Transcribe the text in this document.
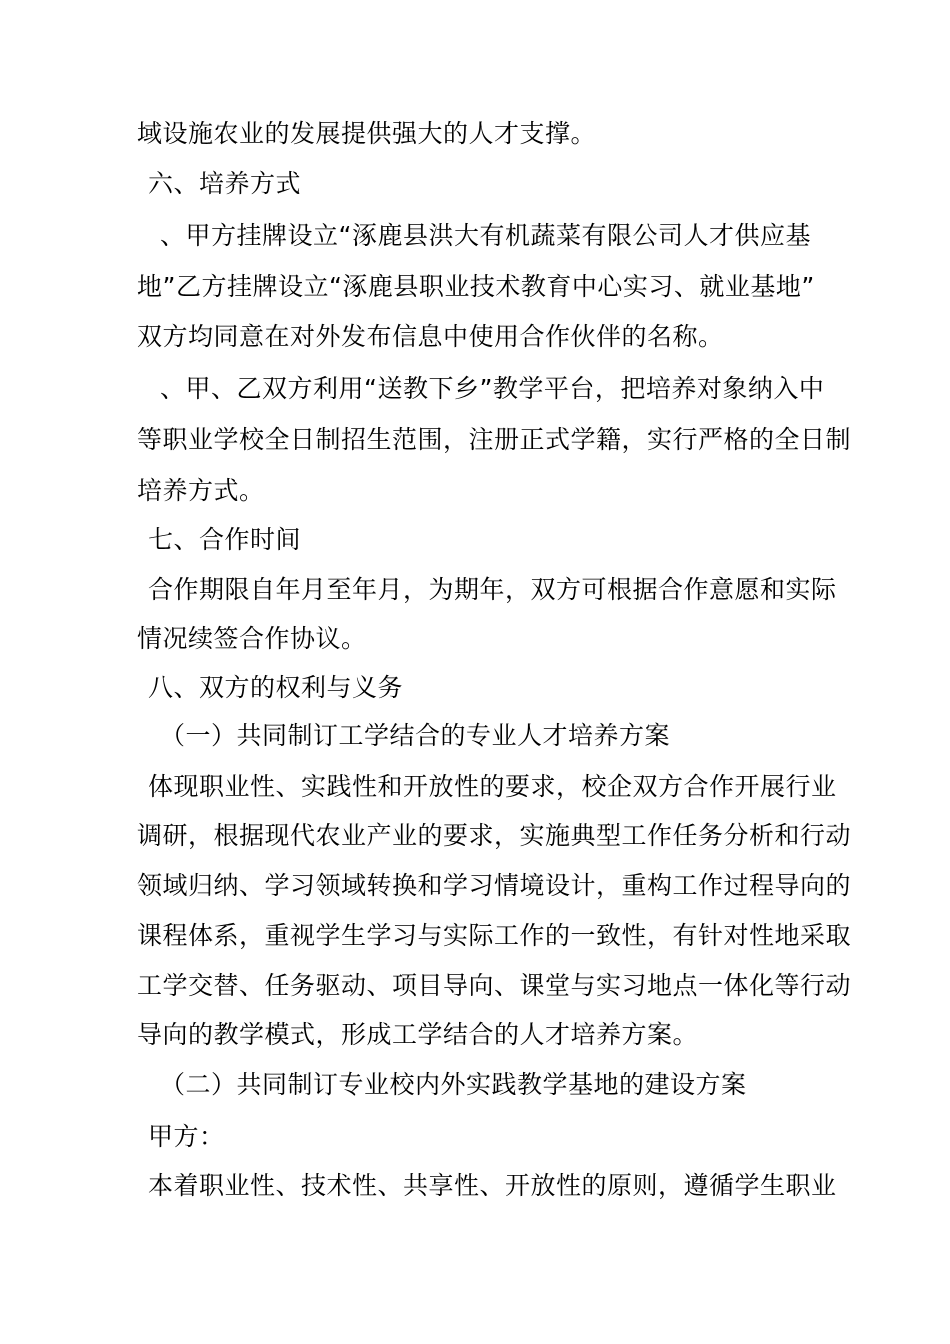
域设施农业的发展提供强大的人才支撑。
六、培养方式
、甲方挂牌设立“涿鹿县洪大有机蔬菜有限公司人才供应基
地”乙方挂牌设立“涿鹿县职业技术教育中心实习、就业基地”
双方均同意在对外发布信息中使用合作伙伴的名称。
、甲、乙双方利用“送教下乡”教学平台，把培养对象纳入中
等职业学校全日制招生范围，注册正式学籍，实行严格的全日制
培养方式。
七、合作时间
合作期限自年月至年月，为期年，双方可根据合作意愿和实际
情况续签合作协议。
八、双方的权利与义务
（一）共同制订工学结合的专业人才培养方案
体现职业性、实践性和开放性的要求，校企双方合作开展行业
调研，根据现代农业产业的要求，实施典型工作任务分析和行动
领域归纳、学习领域转换和学习情境设计，重构工作过程导向的
课程体系，重视学生学习与实际工作的一致性，有针对性地采取
工学交替、任务驱动、项目导向、课堂与实习地点一体化等行动
导向的教学模式，形成工学结合的人才培养方案。
（二）共同制订专业校内外实践教学基地的建设方案
甲方：
本着职业性、技术性、共享性、开放性的原则，遵循学生职业
